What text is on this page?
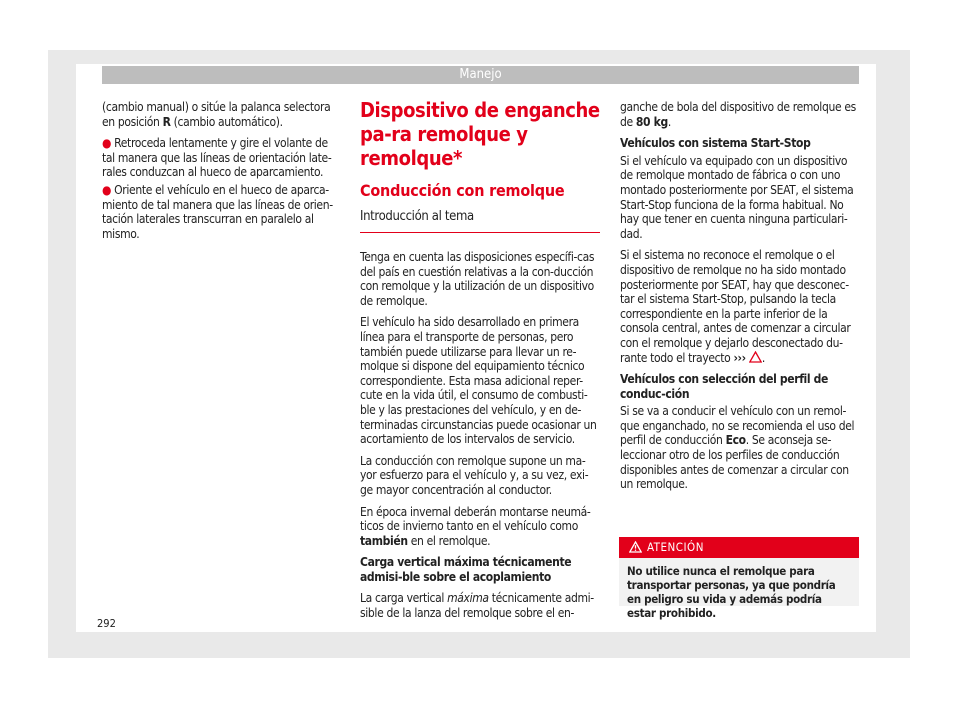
Manejo

(cambio manual) o sitúe la palanca selectora en posición R (cambio automático).

● Retroceda lentamente y gire el volante de tal manera que las líneas de orientación late-rales conduzcan al hueco de aparcamiento.

● Oriente el vehículo en el hueco de aparca-miento de tal manera que las líneas de orien-tación laterales transcurran en paralelo al mismo.

Dispositivo de enganche pa-ra remolque y remolque*
Conducción con remolque
Introducción al tema

Tenga en cuenta las disposiciones específi-cas del país en cuestión relativas a la con-ducción con remolque y la utilización de un dispositivo de remolque.

El vehículo ha sido desarrollado en primera línea para el transporte de personas, pero también puede utilizarse para llevar un re-molque si dispone del equipamiento técnico correspondiente. Esta masa adicional reper-cute en la vida útil, el consumo de combusti-ble y las prestaciones del vehículo, y en de-terminadas circunstancias puede ocasionar un acortamiento de los intervalos de servicio.

La conducción con remolque supone un ma-yor esfuerzo para el vehículo y, a su vez, exi-ge mayor concentración al conductor.

En época invernal deberán montarse neumá-ticos de invierno tanto en el vehículo como también en el remolque.

Carga vertical máxima técnicamente admisi-ble sobre el acoplamiento

La carga vertical máxima técnicamente admi-sible de la lanza del remolque sobre el en-

ganche de bola del dispositivo de remolque es de 80 kg.

Vehículos con sistema Start-Stop

Si el vehículo va equipado con un dispositivo de remolque montado de fábrica o con uno montado posteriormente por SEAT, el sistema Start-Stop funciona de la forma habitual. No hay que tener en cuenta ninguna particulari-dad.

Si el sistema no reconoce el remolque o el dispositivo de remolque no ha sido montado posteriormente por SEAT, hay que desconec-tar el sistema Start-Stop, pulsando la tecla correspondiente en la parte inferior de la consola central, antes de comenzar a circular con el remolque y dejarlo desconectado du-rante todo el trayecto ››› .

Vehículos con selección del perfil de conduc-ción

Si se va a conducir el vehículo con un remol-que enganchado, no se recomienda el uso del perfil de conducción Eco. Se aconseja se-leccionar otro de los perfiles de conducción disponibles antes de comenzar a circular con un remolque.

ATENCIÓN
No utilice nunca el remolque para transportar personas, ya que pondría en peligro su vida y además podría estar prohibido.
292
